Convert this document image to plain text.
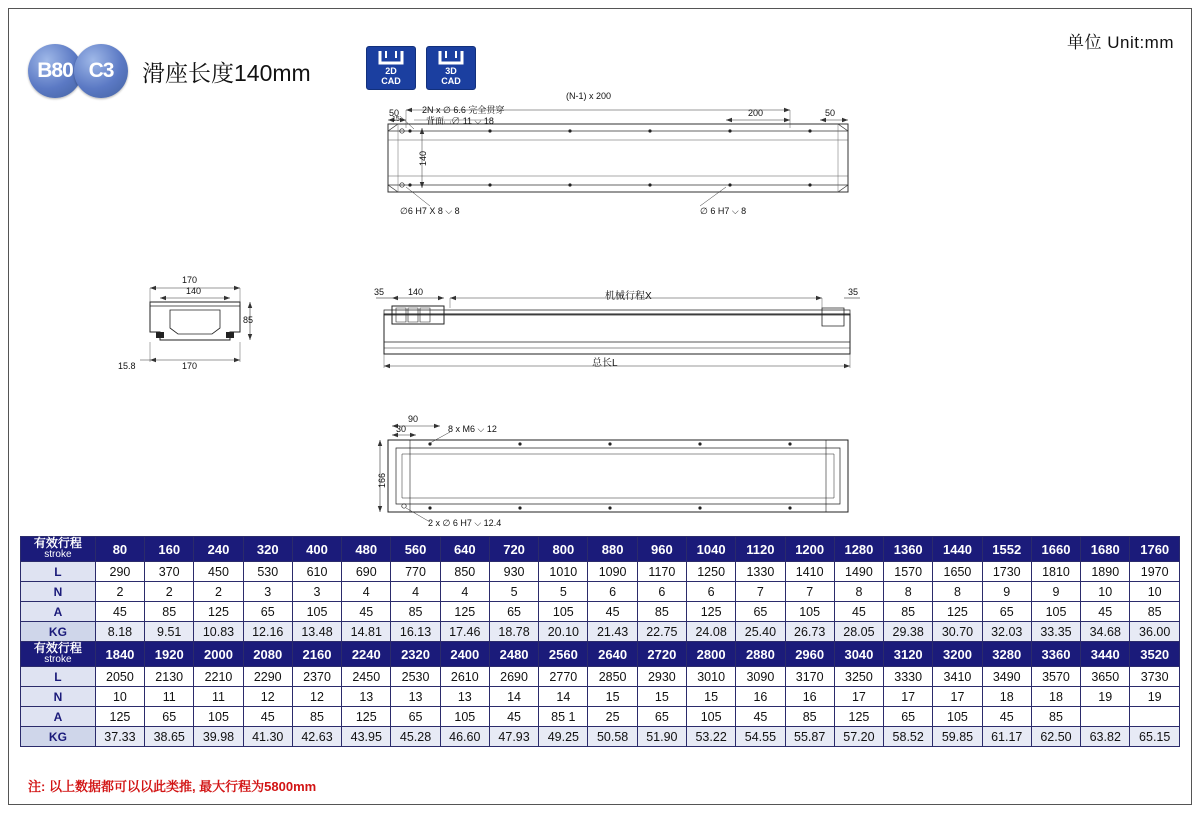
单位 Unit:mm
B80 C3	滑座长度140mm	2D
CAD
3D
CAD
(N-1) x 200
2N x ∅ 6.6 完全贯穿
背面⌴∅ 11 ⌵ 18
50	200	50
15
140
∅6 H7 X 8 ⌵ 8	∅ 6 H7 ⌵ 8
170
140
85
170
15.8
35	140	机械行程X	35
总长L
90
30	8 x M6 ⌵ 12
166
2 x ∅ 6 H7 ⌵ 12.4
有效行程
stroke	80	160	240	320	400	480	560	640	720	800	880	960	1040	1120	1200	1280	1360	1440	1552	1660	1680	1760
L	290	370	450	530	610	690	770	850	930	1010	1090	1170	1250	1330	1410	1490	1570	1650	1730	1810	1890	1970
N	2	2	2	3	3	4	4	4	5	5	6	6	6	7	7	8	8	8	9	9	10	10
A	45	85	125	65	105	45	85	125	65	105	45	85	125	65	105	45	85	125	65	105	45	85
KG	8.18	9.51	10.83	12.16	13.48	14.81	16.13	17.46	18.78	20.10	21.43	22.75	24.08	25.40	26.73	28.05	29.38	30.70	32.03	33.35	34.68	36.00

有效行程
stroke	1840	1920	2000	2080	2160	2240	2320	2400	2480	2560	2640	2720	2800	2880	2960	3040	3120	3200	3280	3360	3440	3520
L	2050	2130	2210	2290	2370	2450	2530	2610	2690	2770	2850	2930	3010	3090	3170	3250	3330	3410	3490	3570	3650	3730
N	10	11	11	12	12	13	13	13	14	14	15	15	15	16	16	17	17	17	18	18	19	19
A	125	65	105	45	85	125	65	105	45	85 1	25	65	105	45	85	125	65	105	45	85		
KG	37.33	38.65	39.98	41.30	42.63	43.95	45.28	46.60	47.93	49.25	50.58	51.90	53.22	54.55	55.87	57.20	58.52	59.85	61.17	62.50	63.82	65.15
注: 以上数据都可以以此类推, 最大行程为5800mm
